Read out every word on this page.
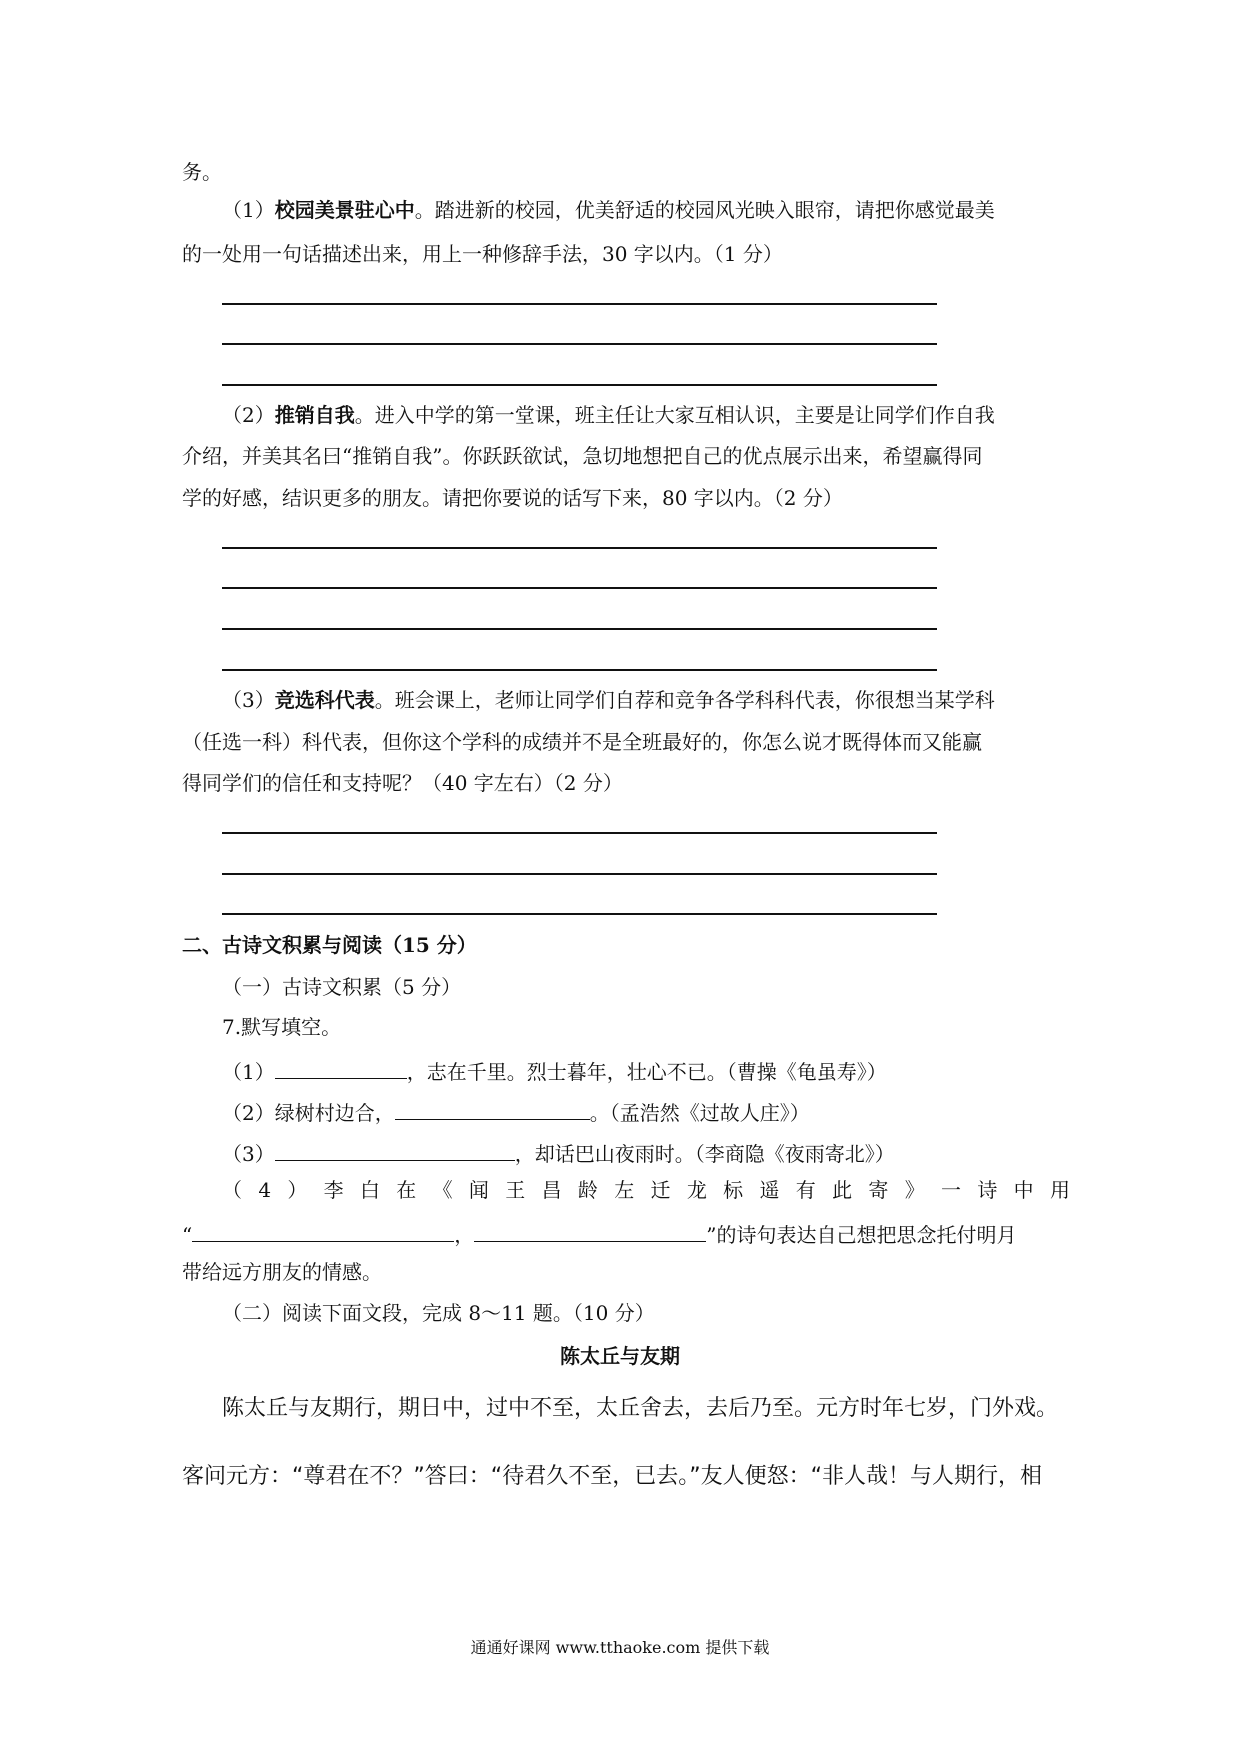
务。
（1）校园美景驻心中。踏进新的校园，优美舒适的校园风光映入眼帘，请把你感觉最美
的一处用一句话描述出来，用上一种修辞手法，30 字以内。（1 分）
（2）推销自我。进入中学的第一堂课，班主任让大家互相认识，主要是让同学们作自我
介绍，并美其名曰“推销自我”。你跃跃欲试，急切地想把自己的优点展示出来，希望赢得同
学的好感，结识更多的朋友。请把你要说的话写下来，80 字以内。（2 分）
（3）竞选科代表。班会课上，老师让同学们自荐和竞争各学科科代表，你很想当某学科
（任选一科）科代表，但你这个学科的成绩并不是全班最好的，你怎么说才既得体而又能赢
得同学们的信任和支持呢？（40 字左右）（2 分）
二、古诗文积累与阅读（15 分）
（一）古诗文积累（5 分）
7.默写填空。
（1）	，志在千里。烈士暮年，壮心不已。（曹操《龟虽寿》）
（2）绿树村边合，	。（孟浩然《过故人庄》）
（3）	，却话巴山夜雨时。（李商隐《夜雨寄北》）
（4）李白在《闻王昌龄左迁龙标遥有此寄》一诗中用
“	，	”的诗句表达自己想把思念托付明月
带给远方朋友的情感。
（二）阅读下面文段，完成 8～11 题。（10 分）
陈太丘与友期
陈太丘与友期行，期日中，过中不至，太丘舍去，去后乃至。元方时年七岁，门外戏。
客问元方：“尊君在不？”答曰：“待君久不至，已去。”友人便怒：“非人哉！与人期行，相
通通好课网 www.tthaoke.com 提供下载
